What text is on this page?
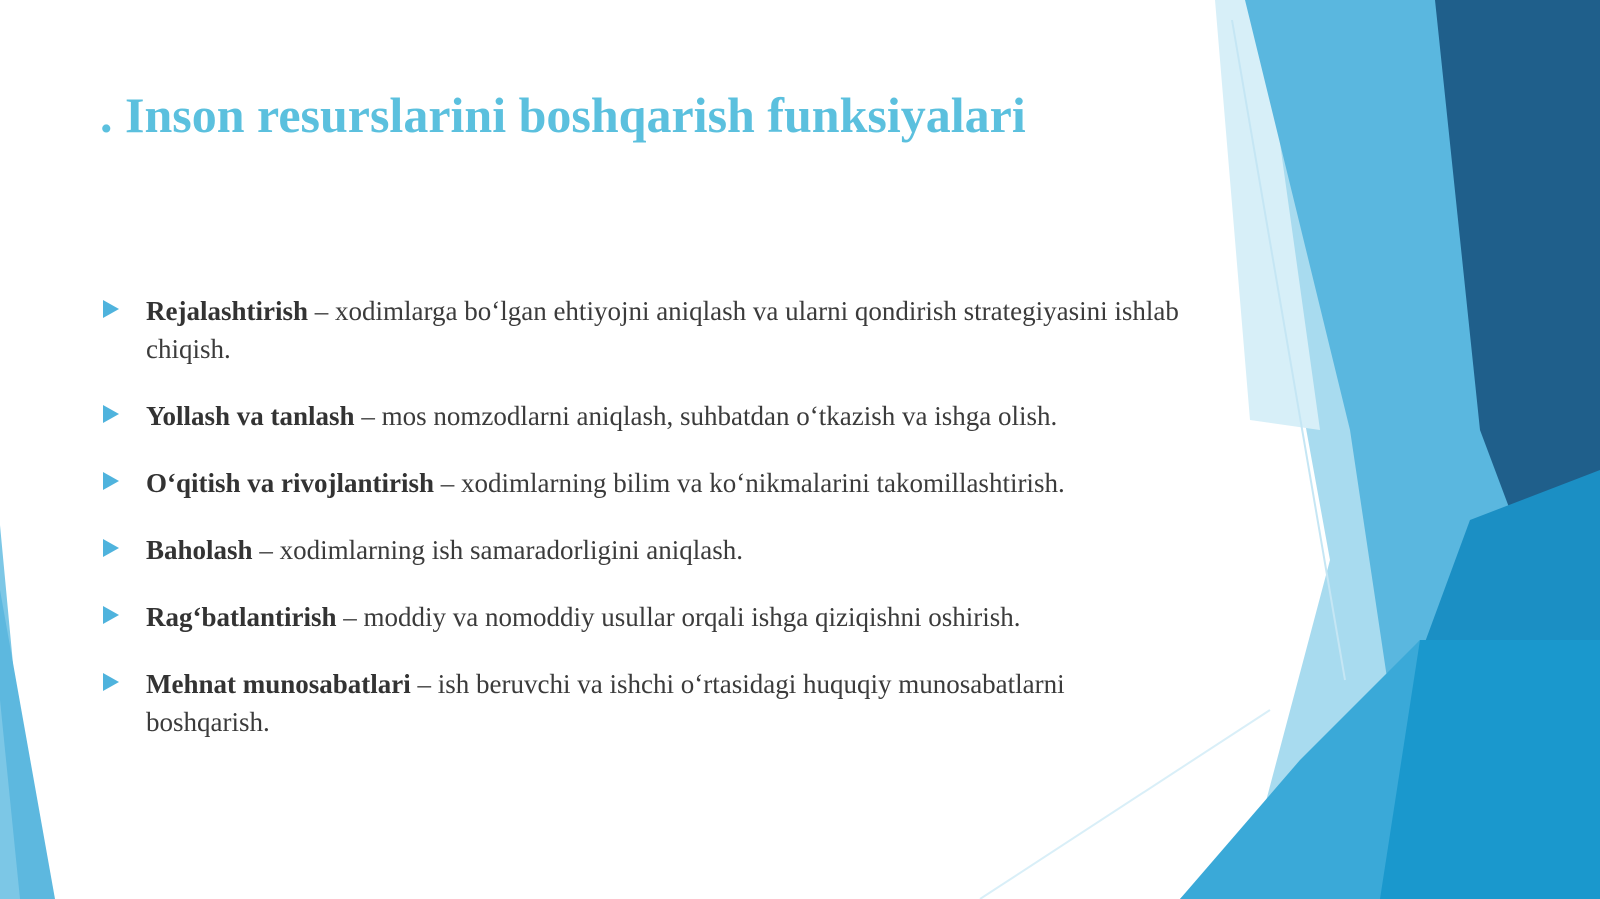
. Inson resurslarini boshqarish funksiyalari
Rejalashtirish – xodimlarga bo‘lgan ehtiyojni aniqlash va ularni qondirish strategiyasini ishlab chiqish.
Yollash va tanlash – mos nomzodlarni aniqlash, suhbatdan o‘tkazish va ishga olish.
O‘qitish va rivojlantirish – xodimlarning bilim va ko‘nikmalarini takomillashtirish.
Baholash – xodimlarning ish samaradorligini aniqlash.
Rag‘batlantirish – moddiy va nomoddiy usullar orqali ishga qiziqishni oshirish.
Mehnat munosabatlari – ish beruvchi va ishchi o‘rtasidagi huquqiy munosabatlarni boshqarish.
